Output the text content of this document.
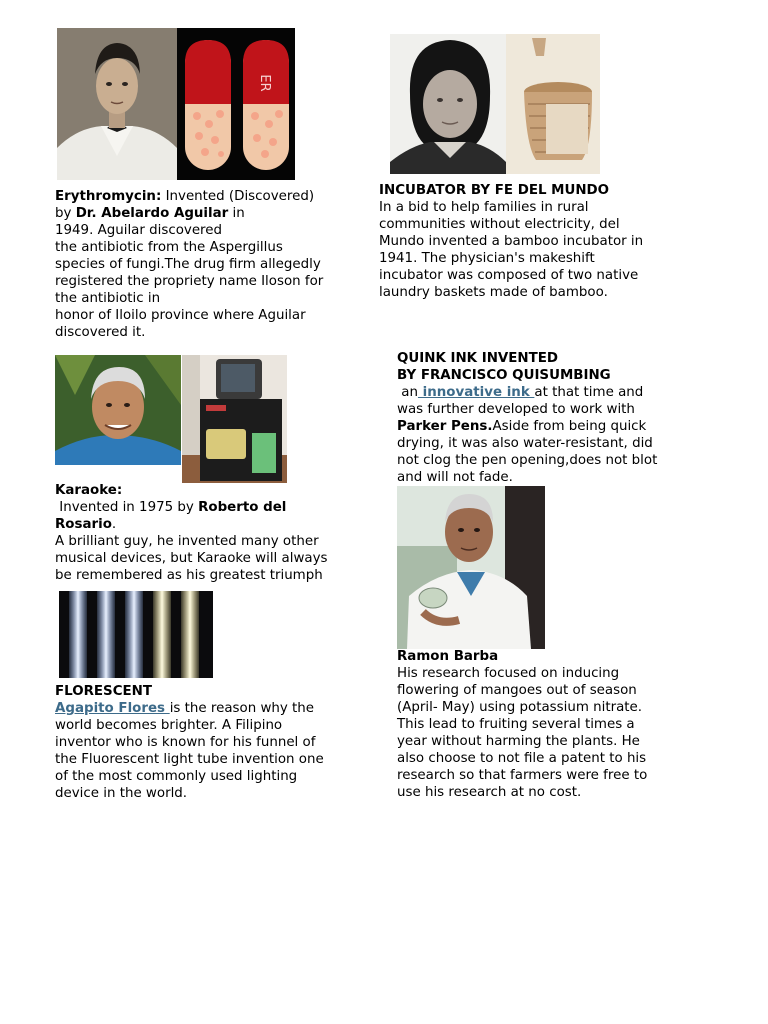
ER
Erythromycin: Invented (Discovered)
by Dr. Abelardo Aguilar in
1949. Aguilar discovered
the antibiotic from the Aspergillus
species of fungi.The drug firm allegedly
registered the propriety name Iloson for
the antibiotic in
honor of Iloilo province where Aguilar
discovered it.
INCUBATOR BY FE DEL MUNDO
In a bid to help families in rural
communities without electricity, del
Mundo invented a bamboo incubator in
1941. The physician's makeshift
incubator was composed of two native
laundry baskets made of bamboo.
QUINK INK INVENTED
BY FRANCISCO QUISUMBING
an innovative ink at that time and
was further developed to work with
Parker Pens.Aside from being quick
drying, it was also water-resistant, did
not clog the pen opening,does not blot
and will not fade.
Karaoke:
Invented in 1975 by Roberto del
Rosario.
A brilliant guy, he invented many other
musical devices, but Karaoke will always
be remembered as his greatest triumph
FLORESCENT
Agapito Flores is the reason why the
world becomes brighter. A Filipino
inventor who is known for his funnel of
the Fluorescent light tube invention one
of the most commonly used lighting
device in the world.
Ramon Barba
His research focused on inducing
flowering of mangoes out of season
(April- May) using potassium nitrate.
This lead to fruiting several times a
year without harming the plants. He
also choose to not file a patent to his
research so that farmers were free to
use his research at no cost.
